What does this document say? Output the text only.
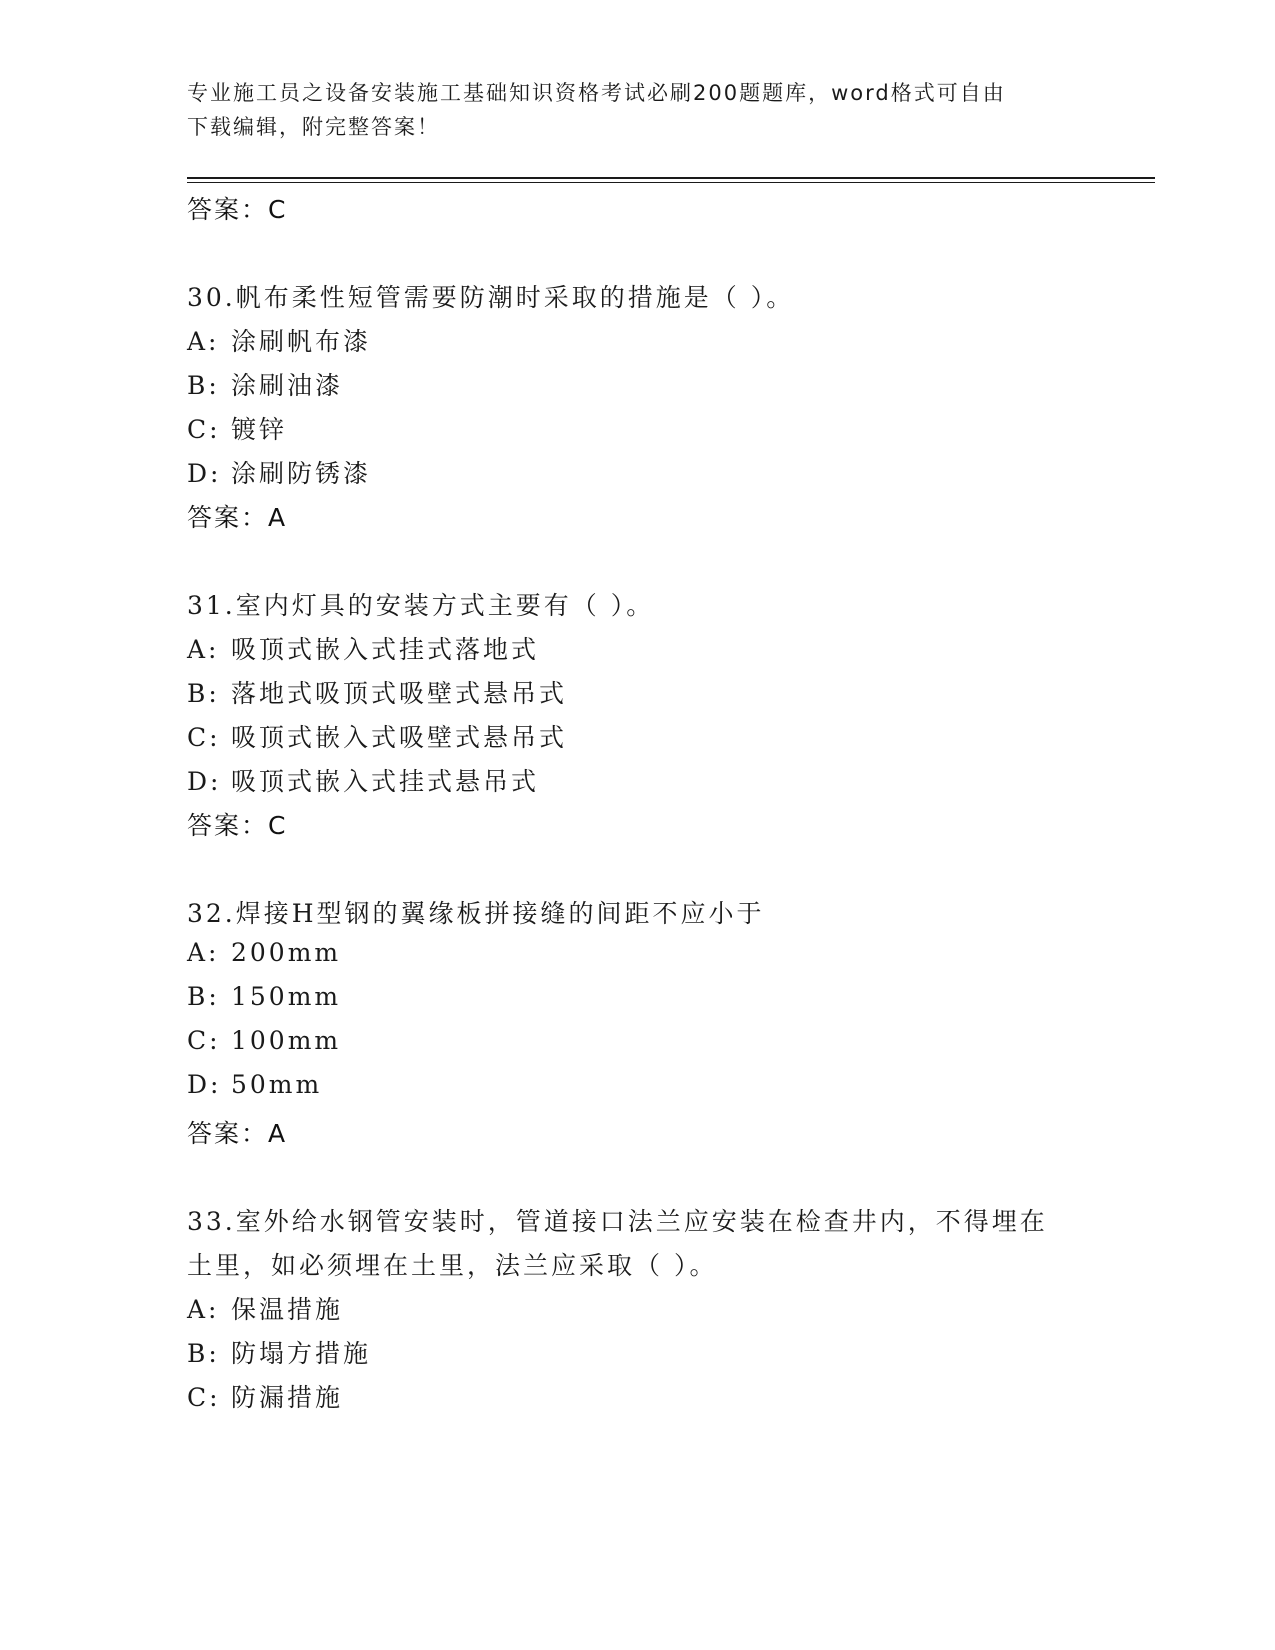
专业施工员之设备安装施工基础知识资格考试必刷200题题库，word格式可自由
下载编辑，附完整答案！
答案：C
30.帆布柔性短管需要防潮时采取的措施是（ ）。
A: 涂刷帆布漆
B: 涂刷油漆
C: 镀锌
D: 涂刷防锈漆
答案：A
31.室内灯具的安装方式主要有（ ）。
A: 吸顶式嵌入式挂式落地式
B: 落地式吸顶式吸壁式悬吊式
C: 吸顶式嵌入式吸壁式悬吊式
D: 吸顶式嵌入式挂式悬吊式
答案：C
32.焊接H型钢的翼缘板拼接缝的间距不应小于
A: 200mm
B: 150mm
C: 100mm
D: 50mm
答案：A
33.室外给水钢管安装时，管道接口法兰应安装在检查井内，不得埋在
土里，如必须埋在土里，法兰应采取（ ）。
A: 保温措施
B: 防塌方措施
C: 防漏措施
